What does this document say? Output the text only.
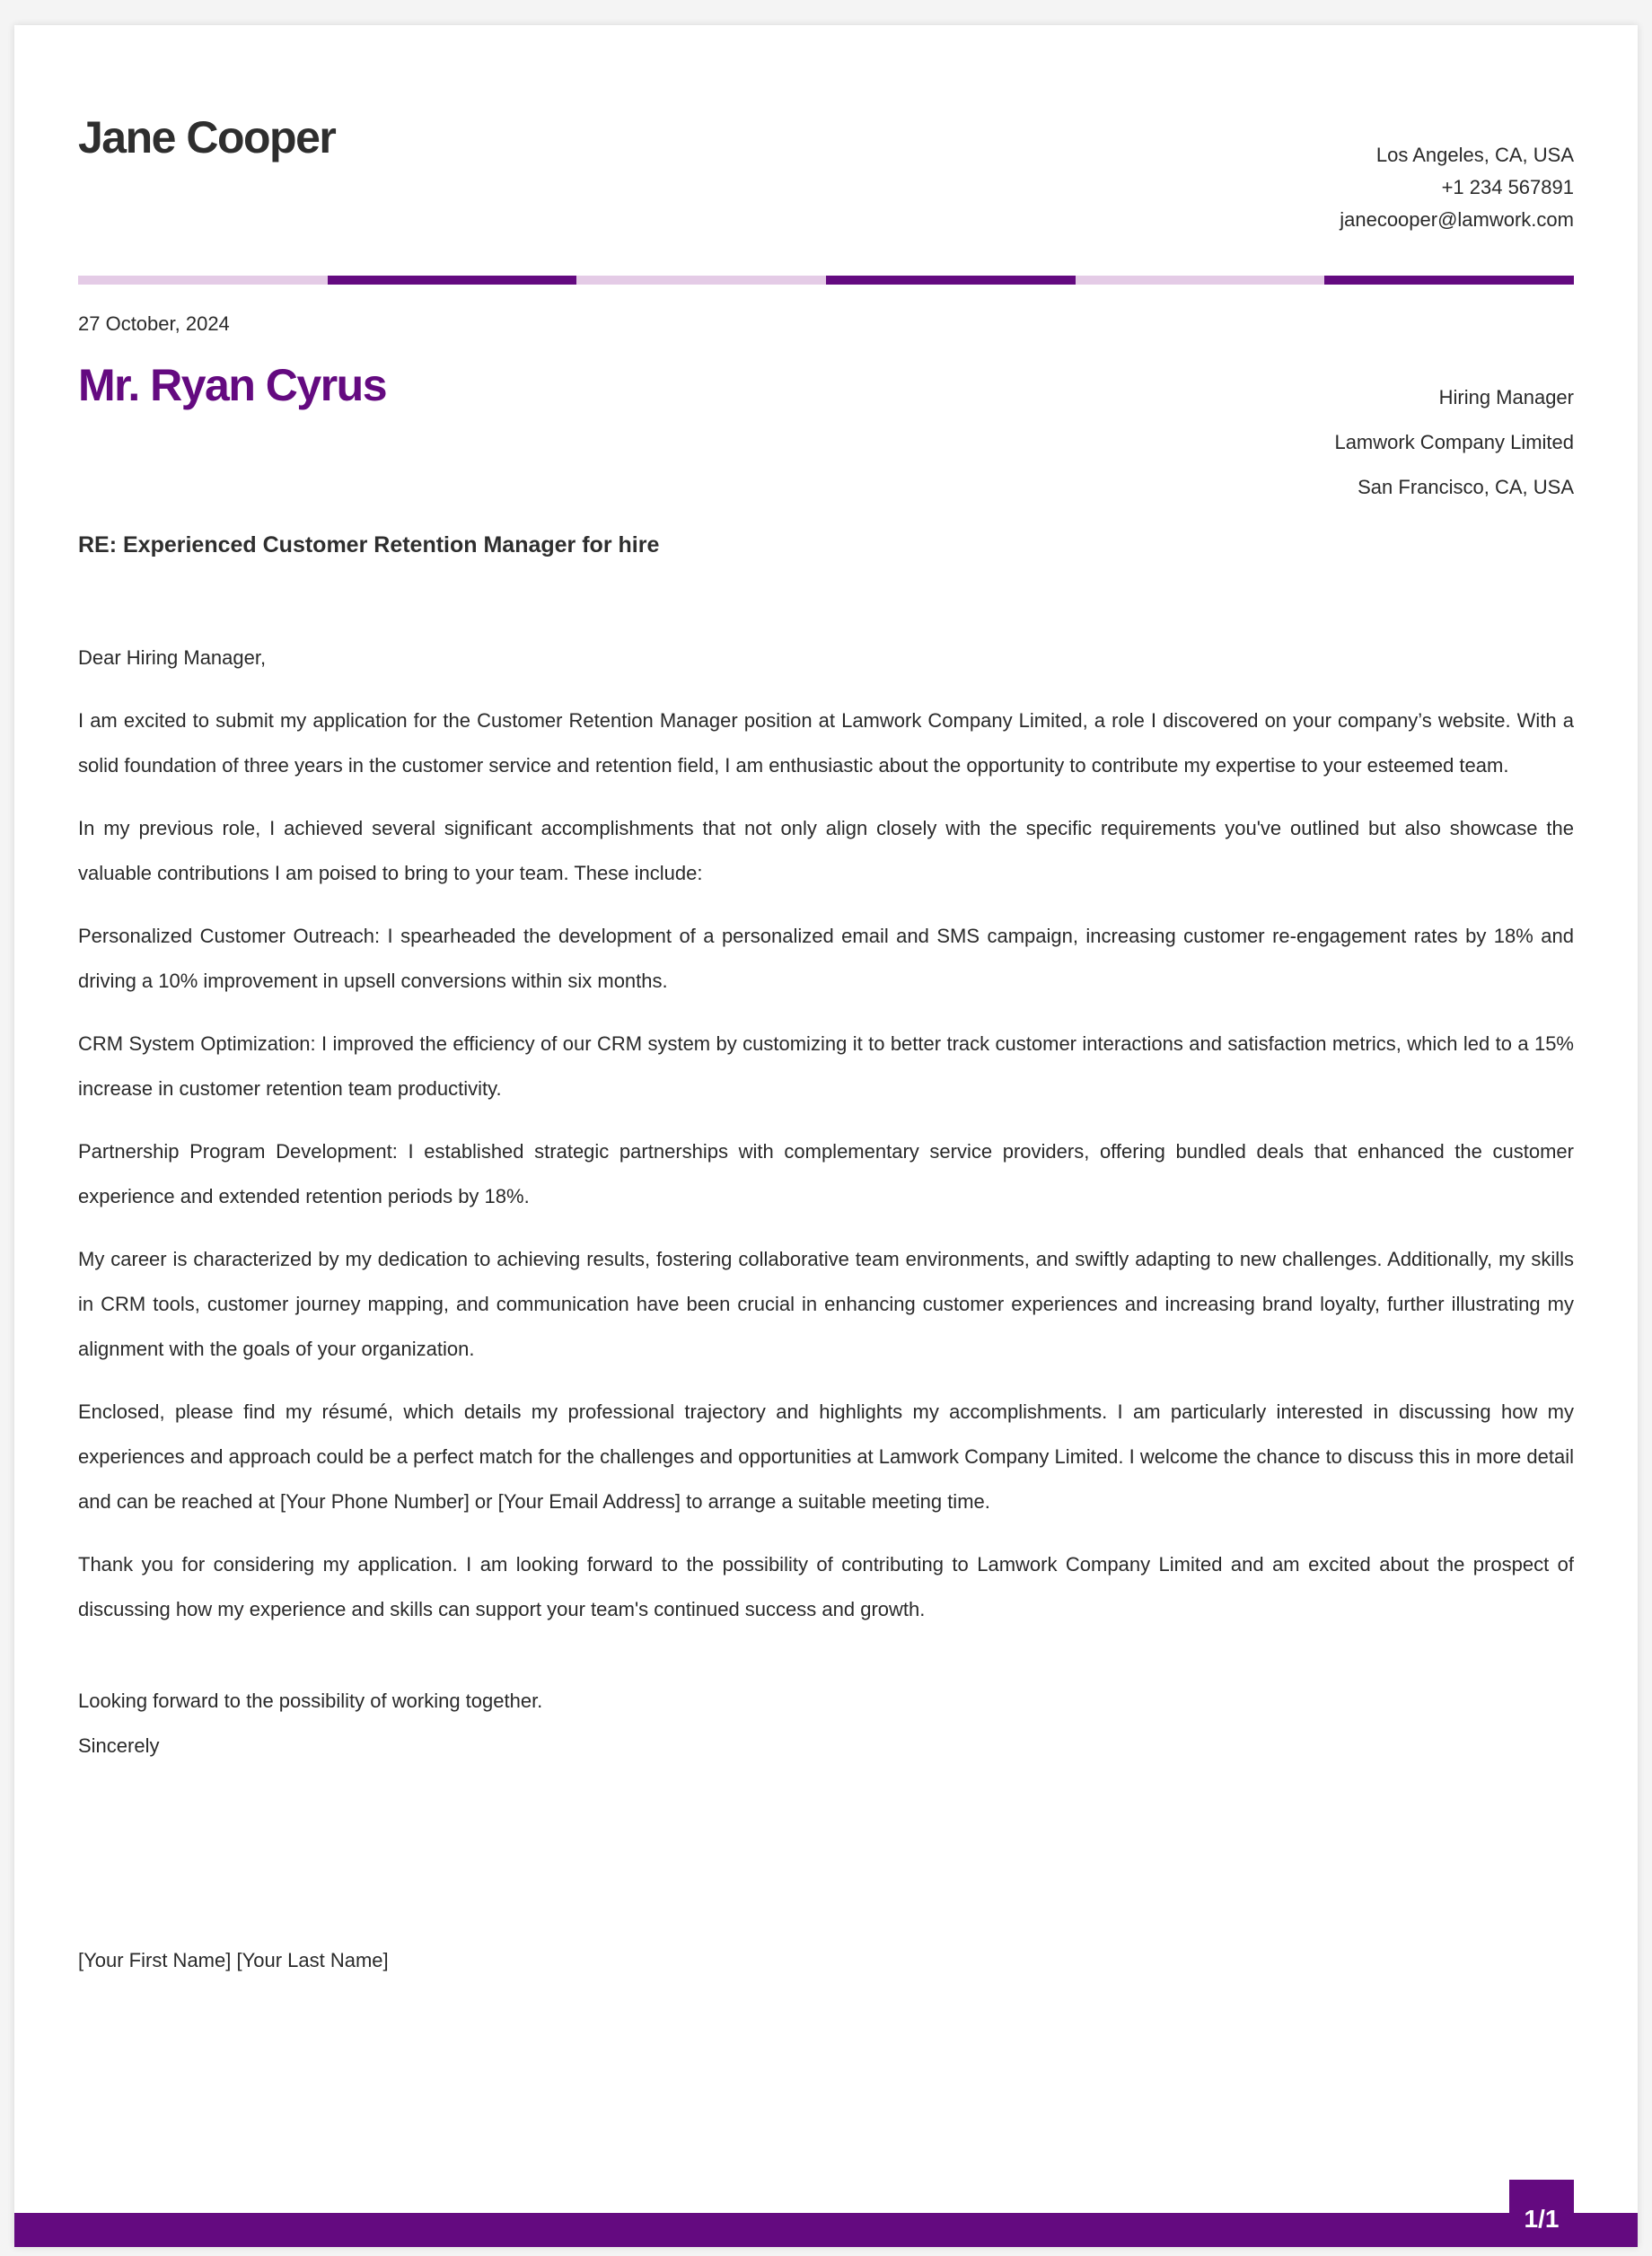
Jane Cooper	Los Angeles, CA, USA
+1 234 567891
janecooper@lamwork.com
27 October, 2024
Mr. Ryan Cyrus	Hiring Manager
Lamwork Company Limited
San Francisco, CA, USA
RE: Experienced Customer Retention Manager for hire

Dear Hiring Manager,

I am excited to submit my application for the Customer Retention Manager position at Lamwork Company Limited, a role I discovered on your company’s website. With a solid foundation of three years in the customer service and retention field, I am enthusiastic about the opportunity to contribute my expertise to your esteemed team.

In my previous role, I achieved several significant accomplishments that not only align closely with the specific requirements you've outlined but also showcase the valuable contributions I am poised to bring to your team. These include:

Personalized Customer Outreach: I spearheaded the development of a personalized email and SMS campaign, increasing customer re-engagement rates by 18% and driving a 10% improvement in upsell conversions within six months.

CRM System Optimization: I improved the efficiency of our CRM system by customizing it to better track customer interactions and satisfaction metrics, which led to a 15% increase in customer retention team productivity.

Partnership Program Development: I established strategic partnerships with complementary service providers, offering bundled deals that enhanced the customer experience and extended retention periods by 18%.

My career is characterized by my dedication to achieving results, fostering collaborative team environments, and swiftly adapting to new challenges. Additionally, my skills in CRM tools, customer journey mapping, and communication have been crucial in enhancing customer experiences and increasing brand loyalty, further illustrating my alignment with the goals of your organization.

Enclosed, please find my résumé, which details my professional trajectory and highlights my accomplishments. I am particularly interested in discussing how my experiences and approach could be a perfect match for the challenges and opportunities at Lamwork Company Limited. I welcome the chance to discuss this in more detail and can be reached at [Your Phone Number] or [Your Email Address] to arrange a suitable meeting time.

Thank you for considering my application. I am looking forward to the possibility of contributing to Lamwork Company Limited and am excited about the prospect of discussing how my experience and skills can support your team's continued success and growth.

Looking forward to the possibility of working together.
Sincerely
[Your First Name] [Your Last Name]
1/1
